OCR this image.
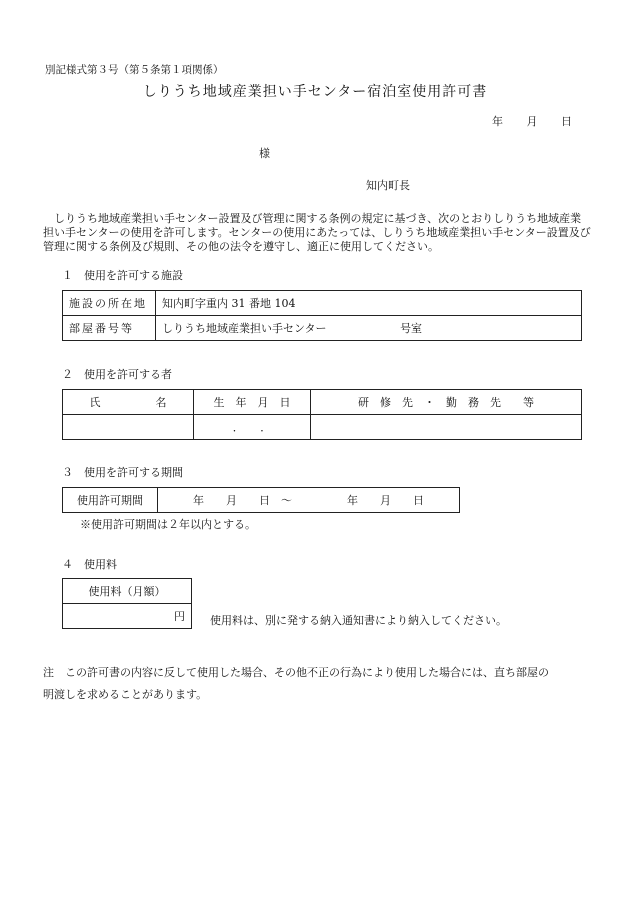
別記様式第３号（第５条第１項関係）
しりうち地域産業担い手センター宿泊室使用許可書
年 月 日
様
知内町長
しりうち地域産業担い手センター設置及び管理に関する条例の規定に基づき、次のとおりしりうち地域産業担い手センターの使用を許可します。センターの使用にあたっては、しりうち地域産業担い手センター設置及び管理に関する条例及び規則、その他の法令を遵守し、適正に使用してください。
１　使用を許可する施設
施設の所在地	知内町字重内 31 番地 104
部屋番号等	しりうち地域産業担い手センター 号室
２　使用を許可する者
氏　　　　　名	生　年　月　日	研　修　先　・　勤　務　先　　等
	．　　．	
３　使用を許可する期間
使用許可期間	年　　月　　日　～　　　　　年　　月　　日
※使用許可期間は２年以内とする。
４　使用料
使用料（月額）
円 使用料は、別に発する納入通知書により納入してください。
注　この許可書の内容に反して使用した場合、その他不正の行為により使用した場合には、直ち部屋の
明渡しを求めることがあります。
